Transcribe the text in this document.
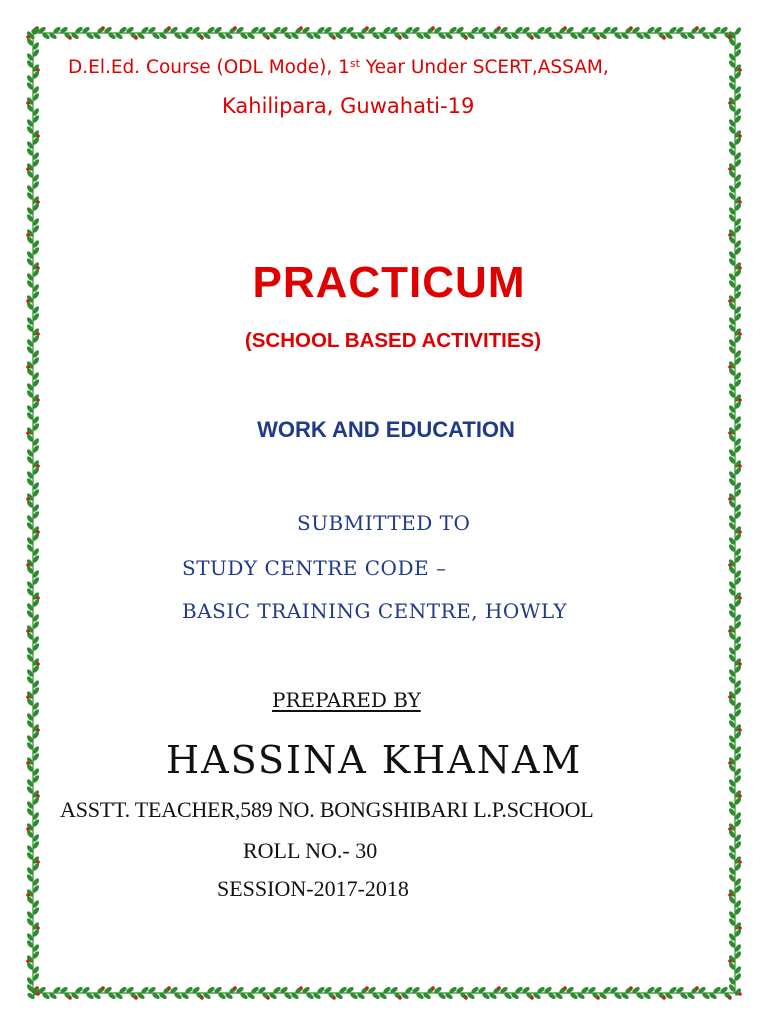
D.El.Ed. Course (ODL Mode), 1st Year Under SCERT,ASSAM,
Kahilipara, Guwahati-19
PRACTICUM
(SCHOOL BASED ACTIVITIES)
WORK AND EDUCATION
SUBMITTED TO
STUDY CENTRE CODE –
BASIC TRAINING CENTRE, HOWLY
PREPARED BY
HASSINA KHANAM
ASSTT. TEACHER,589 NO. BONGSHIBARI L.P.SCHOOL
ROLL NO.- 30
SESSION-2017-2018
